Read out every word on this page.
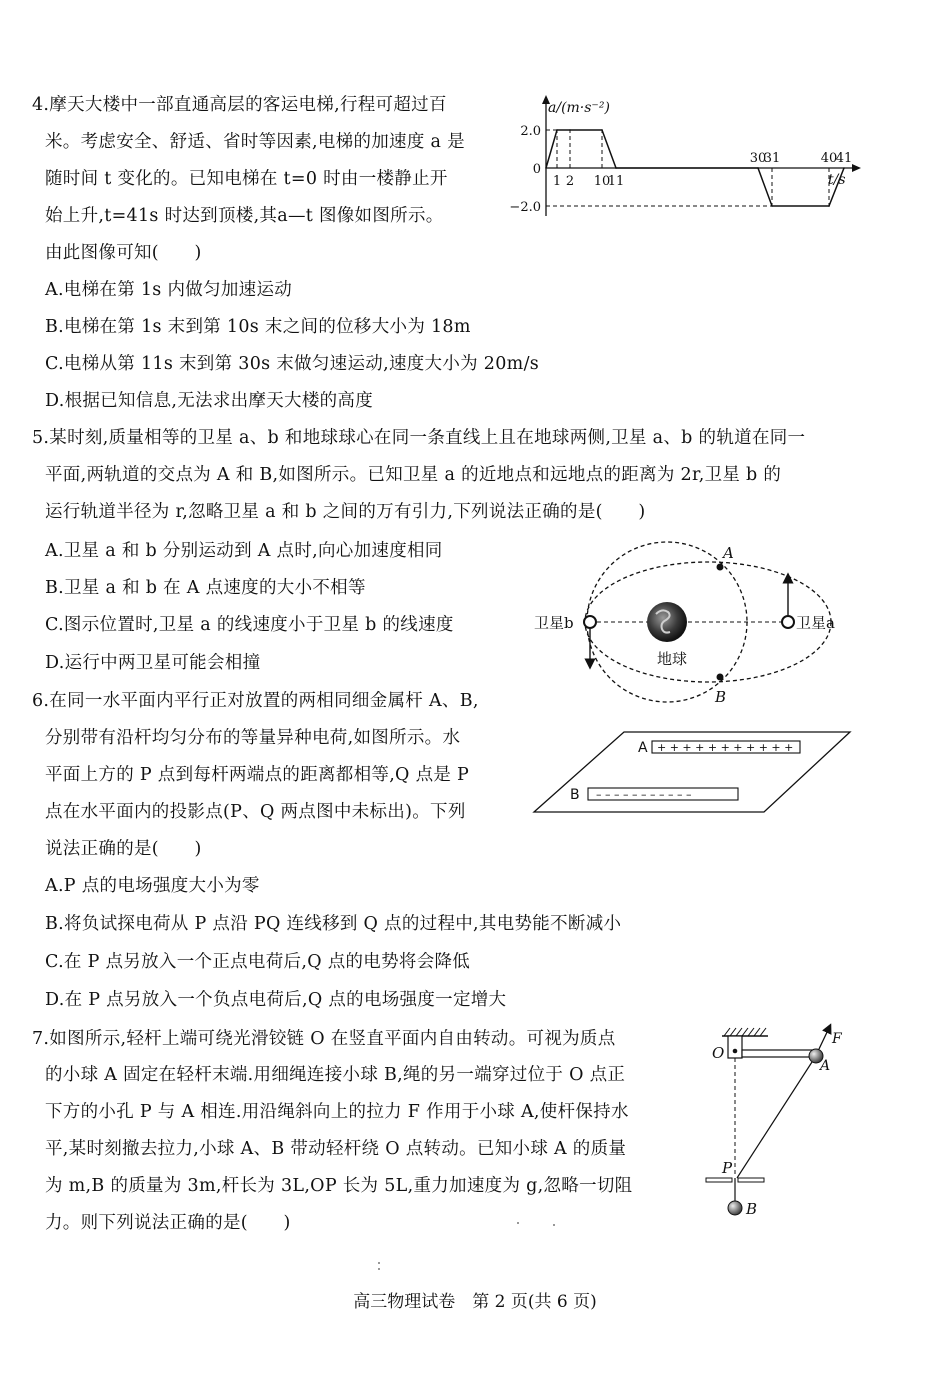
4.摩天大楼中一部直通高层的客运电梯,行程可超过百
米。考虑安全、舒适、省时等因素,电梯的加速度 a 是
随时间 t 变化的。已知电梯在 t=0 时由一楼静止开
始上升,t=41s 时达到顶楼,其a—t 图像如图所示。
由此图像可知(　　)
A.电梯在第 1s 内做匀加速运动
B.电梯在第 1s 末到第 10s 末之间的位移大小为 18m
C.电梯从第 11s 末到第 30s 末做匀速运动,速度大小为 20m/s
D.根据已知信息,无法求出摩天大楼的高度
2.0
0
−2.0
1 2 10
11
30
31	40
41
a/(m·s⁻²)
t/s
5.某时刻,质量相等的卫星 a、b 和地球球心在同一条直线上且在地球两侧,卫星 a、b 的轨道在同一
平面,两轨道的交点为 A 和 B,如图所示。已知卫星 a 的近地点和远地点的距离为 2r,卫星 b 的
运行轨道半径为 r,忽略卫星 a 和 b 之间的万有引力,下列说法正确的是(　　)
A.卫星 a 和 b 分别运动到 A 点时,向心加速度相同
B.卫星 a 和 b 在 A 点速度的大小不相等
C.图示位置时,卫星 a 的线速度小于卫星 b 的线速度
D.运行中两卫星可能会相撞	地球
A
B
卫星b	卫星a
6.在同一水平面内平行正对放置的两相同细金属杆 A、B,
分别带有沿杆均匀分布的等量异种电荷,如图所示。水
平面上方的 P 点到每杆两端点的距离都相等,Q 点是 P
点在水平面内的投影点(P、Q 两点图中未标出)。下列
说法正确的是(　　)
A.P 点的电场强度大小为零
B.将负试探电荷从 P 点沿 PQ 连线移到 Q 点的过程中,其电势能不断减小
C.在 P 点另放入一个正点电荷后,Q 点的电势将会降低
D.在 P 点另放入一个负点电荷后,Q 点的电场强度一定增大
+ + + + + + + + + + +
A
– – – – – – – – – – –
B
7.如图所示,轻杆上端可绕光滑铰链 O 在竖直平面内自由转动。可视为质点
的小球 A 固定在轻杆末端.用细绳连接小球 B,绳的另一端穿过位于 O 点正
下方的小孔 P 与 A 相连.用沿绳斜向上的拉力 F 作用于小球 A,使杆保持水
平,某时刻撤去拉力,小球 A、B 带动轻杆绕 O 点转动。已知小球 A 的质量
为 m,B 的质量为 3m,杆长为 3L,OP 长为 5L,重力加速度为 g,忽略一切阻
力。则下列说法正确的是(　　)
O
A
F
P
B
高三物理试卷　第 2 页(共 6 页)
